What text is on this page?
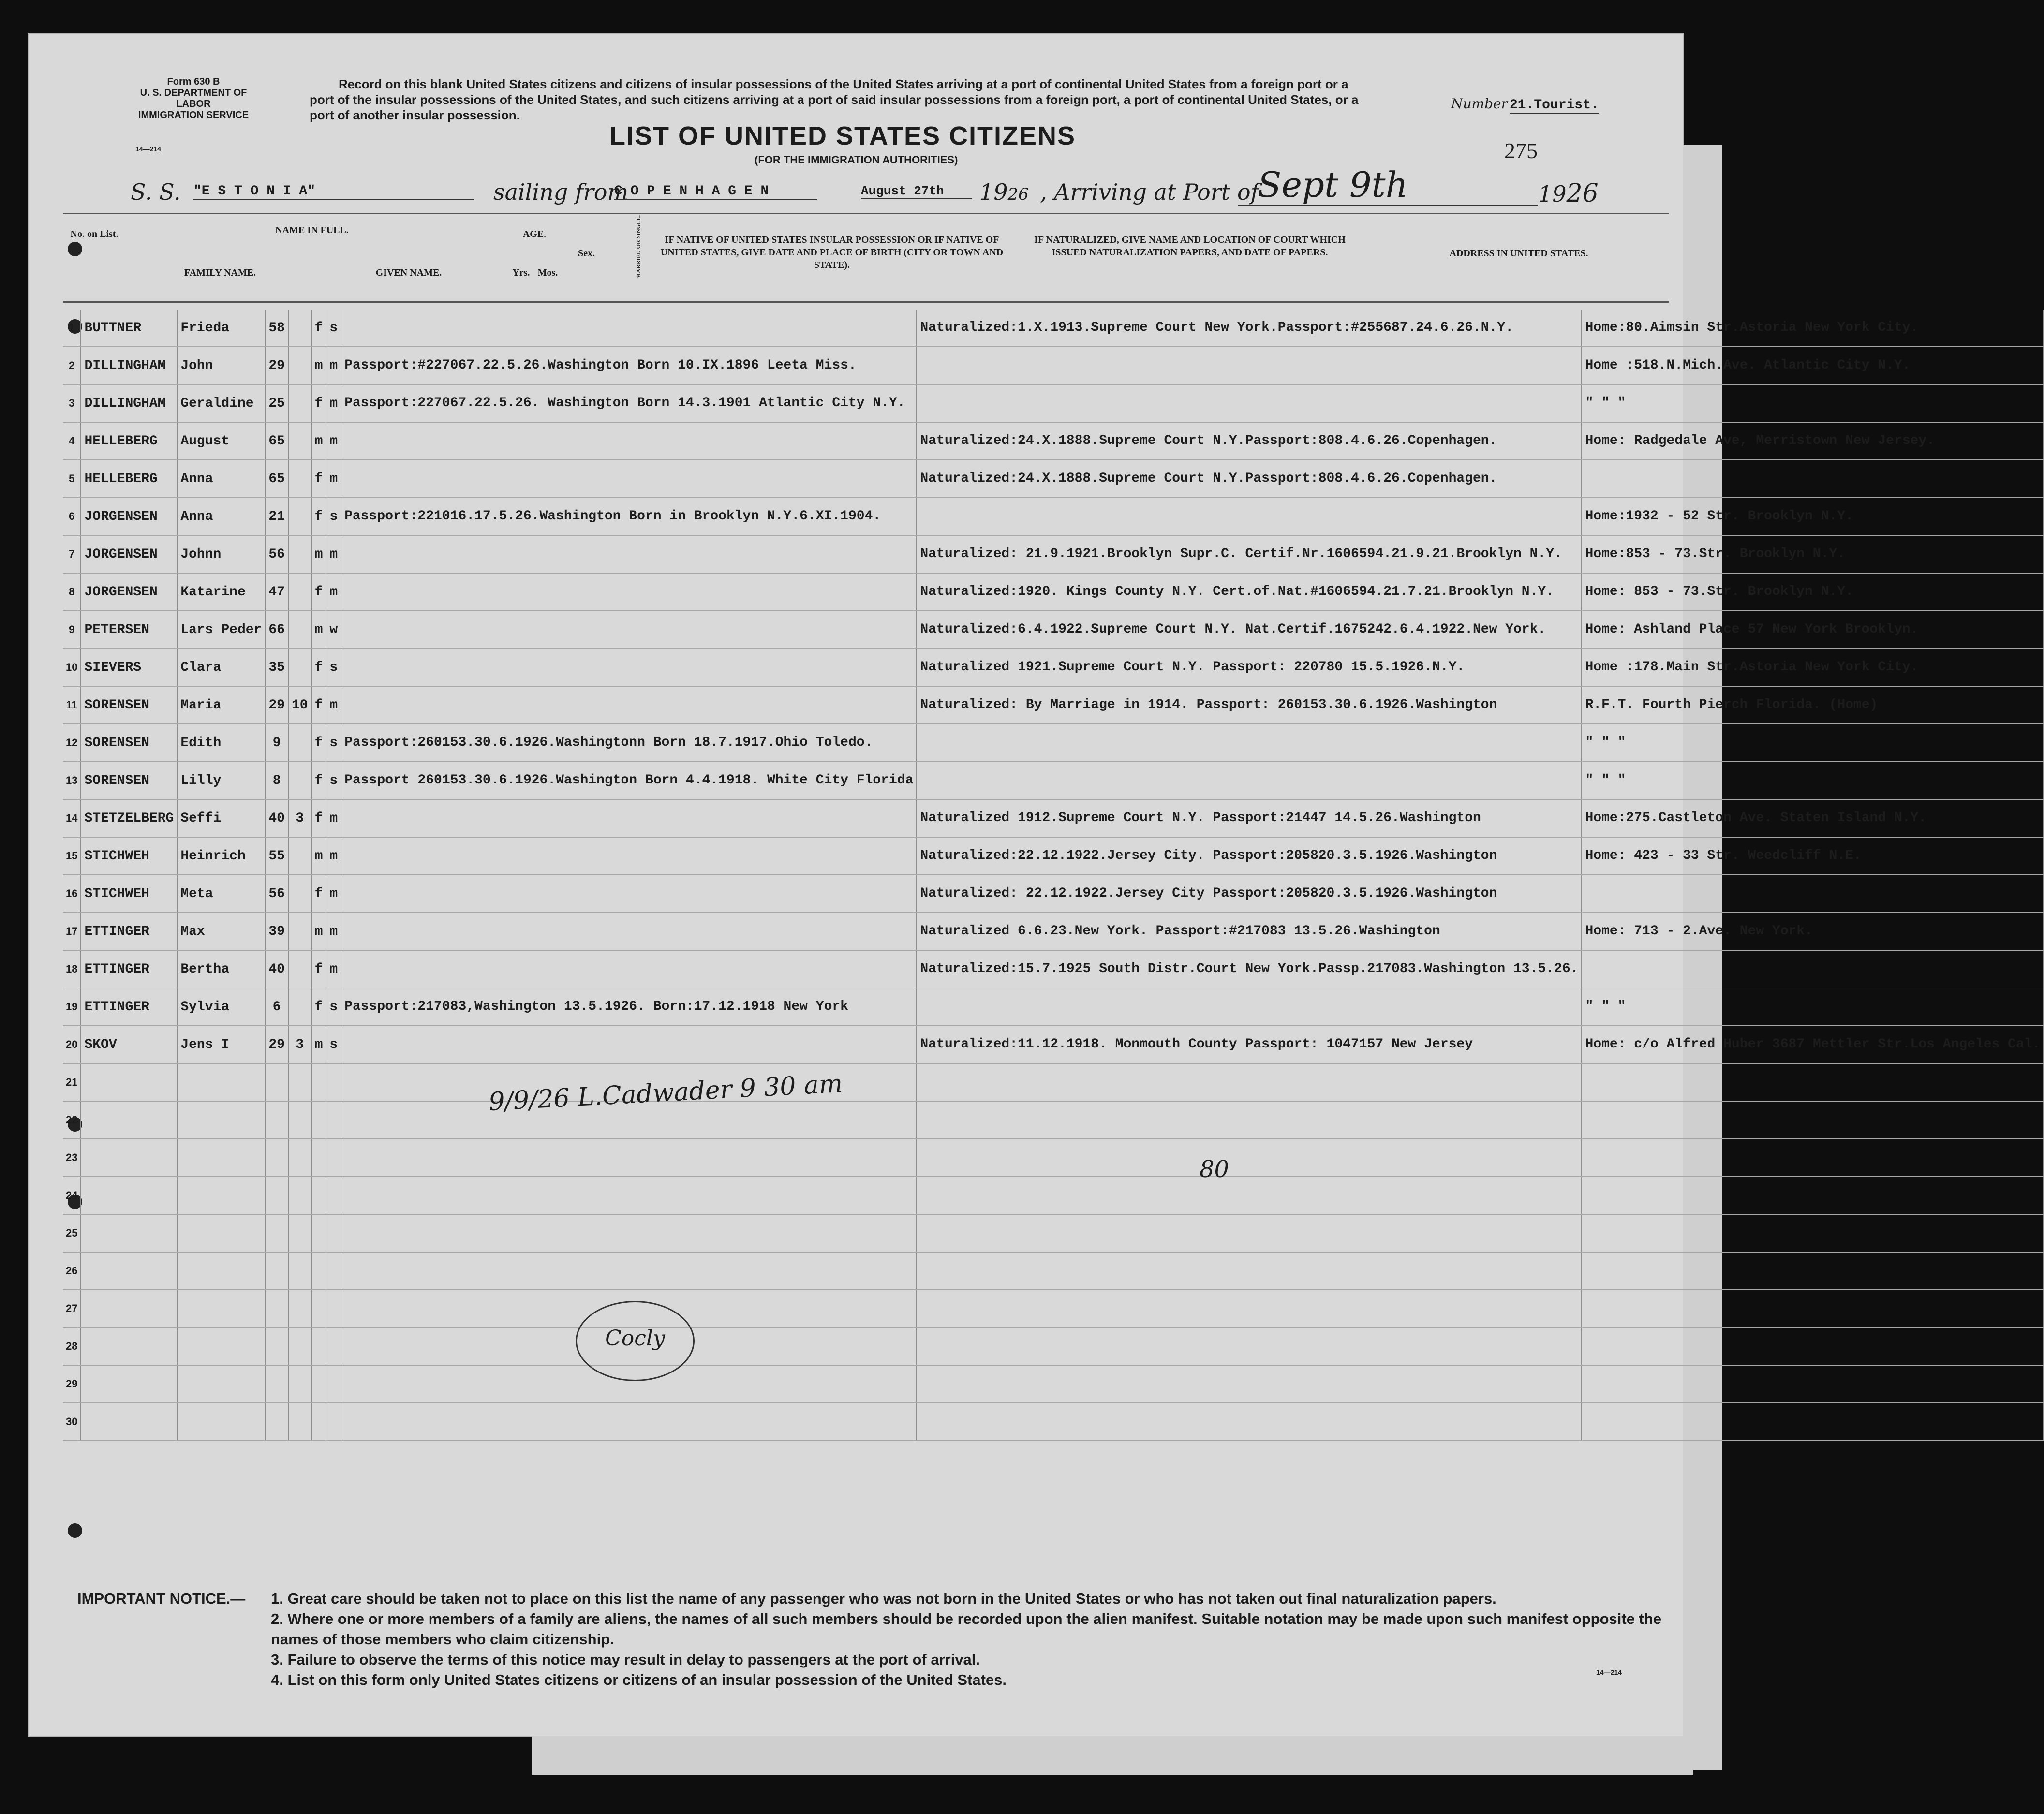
Form 630 B
U. S. DEPARTMENT OF LABOR
IMMIGRATION SERVICE
14—214
Record on this blank United States citizens and citizens of insular possessions of the United States arriving at a port of continental United States from a foreign port or a port of the insular possessions of the United States, and such citizens arriving at a port of said insular possessions from a foreign port, a port of continental United States, or a port of another insular possession.
LIST OF UNITED STATES CITIZENS
(FOR THE IMMIGRATION AUTHORITIES)
Number 21.Tourist.
275
S. S. "E S T O N I A"	sailing from
C O P E N H A G E N	August 27th	1926 , Arriving at Port of
Sept 9th	1926
No. on List.	NAME IN FULL.
FAMILY NAME.	GIVEN NAME.
AGE.
Yrs. Mos.
Sex.	MARRIED OR SINGLE.	IF NATIVE OF UNITED STATES INSULAR POSSESSION OR IF NATIVE OF UNITED STATES, GIVE DATE AND PLACE OF BIRTH (CITY OR TOWN AND STATE).
IF NATURALIZED, GIVE NAME AND LOCATION OF COURT WHICH ISSUED NATURALIZATION PAPERS, AND DATE OF PAPERS.	ADDRESS IN UNITED STATES.
1	BUTTNER	Frieda	58		f	s		Naturalized:1.X.1913.Supreme Court New York.Passport:#255687.24.6.26.N.Y.	Home:80.Aimsin Str.Astoria New York City.
2	DILLINGHAM	John	29		m	m	Passport:#227067.22.5.26.Washington Born 10.IX.1896 Leeta Miss.		Home :518.N.Mich.Ave. Atlantic City N.Y.
3	DILLINGHAM	Geraldine	25		f	m	Passport:227067.22.5.26. Washington Born 14.3.1901 Atlantic City N.Y.		" " "
4	HELLEBERG	August	65		m	m		Naturalized:24.X.1888.Supreme Court N.Y.Passport:808.4.6.26.Copenhagen.	Home: Radgedale Ave, Merristown New Jersey.
5	HELLEBERG	Anna	65		f	m		Naturalized:24.X.1888.Supreme Court N.Y.Passport:808.4.6.26.Copenhagen.	
6	JORGENSEN	Anna	21		f	s	Passport:221016.17.5.26.Washington Born in Brooklyn N.Y.6.XI.1904.		Home:1932 - 52 Str. Brooklyn N.Y.
7	JORGENSEN	Johnn	56		m	m		Naturalized: 21.9.1921.Brooklyn Supr.C. Certif.Nr.1606594.21.9.21.Brooklyn N.Y.	Home:853 - 73.Str. Brooklyn N.Y.
8	JORGENSEN	Katarine	47		f	m		Naturalized:1920. Kings County N.Y. Cert.of.Nat.#1606594.21.7.21.Brooklyn N.Y.	Home: 853 - 73.Str. Brooklyn N.Y.
9	PETERSEN	Lars Peder	66		m	w		Naturalized:6.4.1922.Supreme Court N.Y. Nat.Certif.1675242.6.4.1922.New York.	Home: Ashland Place 57 New York Brooklyn.
10	SIEVERS	Clara	35		f	s		Naturalized 1921.Supreme Court N.Y. Passport: 220780 15.5.1926.N.Y.	Home :178.Main Str.Astoria New York City.
11	SORENSEN	Maria	29	10	f	m		Naturalized: By Marriage in 1914. Passport: 260153.30.6.1926.Washington	R.F.T. Fourth Pierch Florida. (Home)
12	SORENSEN	Edith	9		f	s	Passport:260153.30.6.1926.Washingtonn Born 18.7.1917.Ohio Toledo.		" " "
13	SORENSEN	Lilly	8		f	s	Passport 260153.30.6.1926.Washington Born 4.4.1918. White City Florida		" " "
14	STETZELBERG	Seffi	40	3	f	m		Naturalized 1912.Supreme Court N.Y. Passport:21447 14.5.26.Washington	Home:275.Castleton Ave. Staten Island N.Y.
15	STICHWEH	Heinrich	55		m	m		Naturalized:22.12.1922.Jersey City. Passport:205820.3.5.1926.Washington	Home: 423 - 33 Str. Weedcliff N.E.
16	STICHWEH	Meta	56		f	m		Naturalized: 22.12.1922.Jersey City Passport:205820.3.5.1926.Washington	
17	ETTINGER	Max	39		m	m		Naturalized 6.6.23.New York. Passport:#217083 13.5.26.Washington	Home: 713 - 2.Ave. New York.
18	ETTINGER	Bertha	40		f	m		Naturalized:15.7.1925 South Distr.Court New York.Passp.217083.Washington 13.5.26.	
19	ETTINGER	Sylvia	6		f	s	Passport:217083,Washington 13.5.1926. Born:17.12.1918 New York		" " "
20	SKOV	Jens I	29	3	m	s		Naturalized:11.12.1918. Monmouth County Passport: 1047157 New Jersey	Home: c/o Alfred Huber 3687 Mettler Str.Los Angeles Cal.
21									
22									
23									
24									
25									
26									
27									
28									
29									
30									
9/9/26 L.Cadwader 9 30 am
80
Cocly
IMPORTANT NOTICE.— 1. Great care should be taken not to place on this list the name of any passenger who was not born in the United States or who has not taken out final naturalization papers.
2. Where one or more members of a family are aliens, the names of all such members should be recorded upon the alien manifest. Suitable notation may be made upon such manifest opposite the names of those members who claim citizenship.
3. Failure to observe the terms of this notice may result in delay to passengers at the port of arrival.
4. List on this form only United States citizens or citizens of an insular possession of the United States.	14—214
